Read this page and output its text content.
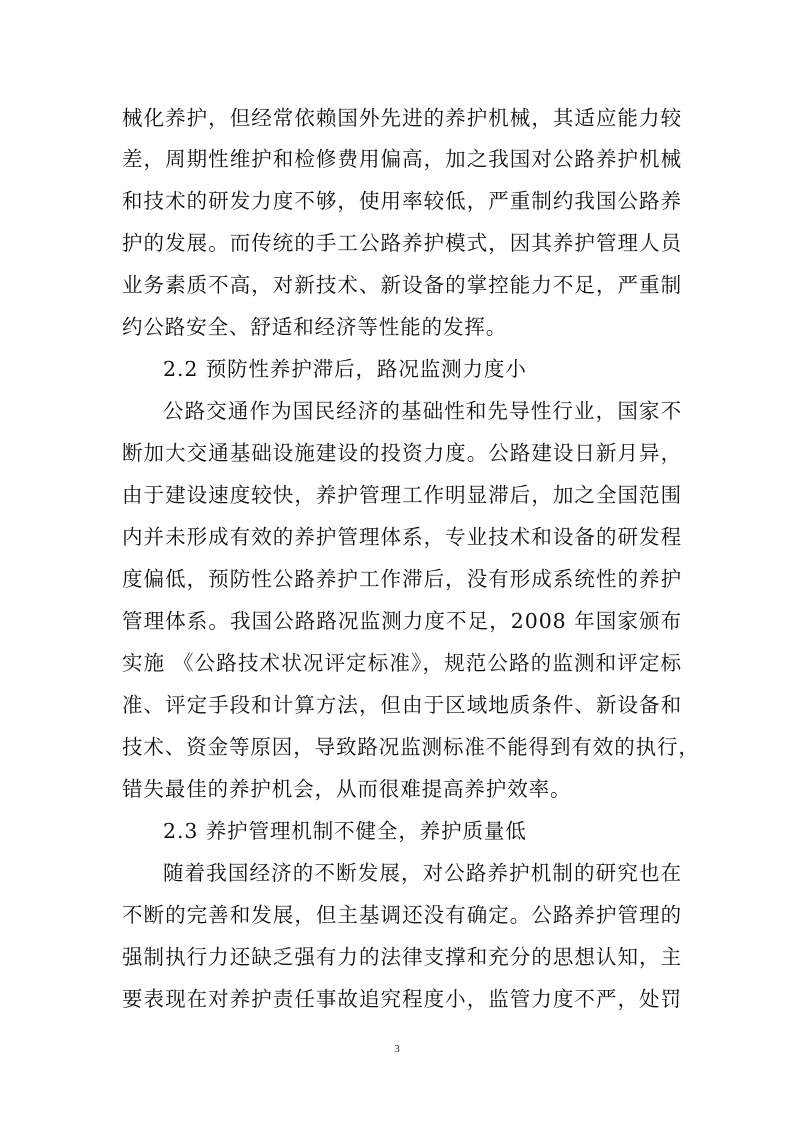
械化养护，但经常依赖国外先进的养护机械，其适应能力较
差，周期性维护和检修费用偏高，加之我国对公路养护机械
和技术的研发力度不够，使用率较低，严重制约我国公路养
护的发展。而传统的手工公路养护模式，因其养护管理人员
业务素质不高，对新技术、新设备的掌控能力不足，严重制
约公路安全、舒适和经济等性能的发挥。
2.2 预防性养护滞后，路况监测力度小
公路交通作为国民经济的基础性和先导性行业，国家不
断加大交通基础设施建设的投资力度。公路建设日新月异，
由于建设速度较快，养护管理工作明显滞后，加之全国范围
内并未形成有效的养护管理体系，专业技术和设备的研发程
度偏低，预防性公路养护工作滞后，没有形成系统性的养护
管理体系。我国公路路况监测力度不足，2008 年国家颁布
实施 《公路技术状况评定标准》，规范公路的监测和评定标
准、评定手段和计算方法，但由于区域地质条件、新设备和
技术、资金等原因，导致路况监测标准不能得到有效的执行，
错失最佳的养护机会，从而很难提高养护效率。
2.3 养护管理机制不健全，养护质量低
随着我国经济的不断发展，对公路养护机制的研究也在
不断的完善和发展，但主基调还没有确定。公路养护管理的
强制执行力还缺乏强有力的法律支撑和充分的思想认知，主
要表现在对养护责任事故追究程度小，监管力度不严，处罚
3
